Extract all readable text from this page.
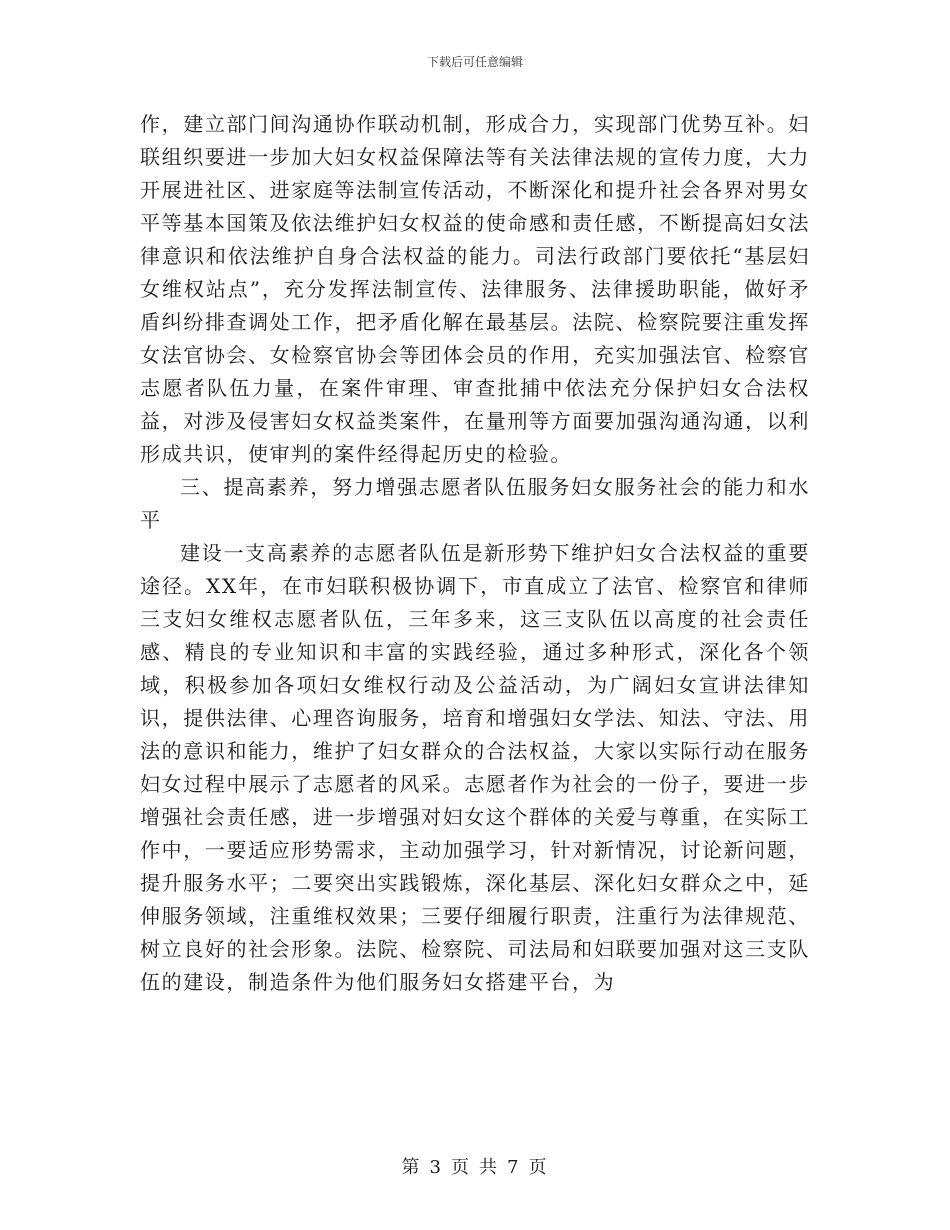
下载后可任意编辑

作，建立部门间沟通协作联动机制，形成合力，实现部门优势互补。妇联组织要进一步加大妇女权益保障法等有关法律法规的宣传力度，大力开展进社区、进家庭等法制宣传活动，不断深化和提升社会各界对男女平等基本国策及依法维护妇女权益的使命感和责任感，不断提高妇女法律意识和依法维护自身合法权益的能力。司法行政部门要依托“基层妇女维权站点”，充分发挥法制宣传、法律服务、法律援助职能，做好矛盾纠纷排查调处工作，把矛盾化解在最基层。法院、检察院要注重发挥女法官协会、女检察官协会等团体会员的作用，充实加强法官、检察官志愿者队伍力量，在案件审理、审查批捕中依法充分保护妇女合法权益，对涉及侵害妇女权益类案件，在量刑等方面要加强沟通沟通，以利形成共识，使审判的案件经得起历史的检验。

三、提高素养，努力增强志愿者队伍服务妇女服务社会的能力和水平

建设一支高素养的志愿者队伍是新形势下维护妇女合法权益的重要途径。XX年，在市妇联积极协调下，市直成立了法官、检察官和律师三支妇女维权志愿者队伍，三年多来，这三支队伍以高度的社会责任感、精良的专业知识和丰富的实践经验，通过多种形式，深化各个领域，积极参加各项妇女维权行动及公益活动，为广阔妇女宣讲法律知识，提供法律、心理咨询服务，培育和增强妇女学法、知法、守法、用法的意识和能力，维护了妇女群众的合法权益，大家以实际行动在服务妇女过程中展示了志愿者的风采。志愿者作为社会的一份子，要进一步增强社会责任感，进一步增强对妇女这个群体的关爱与尊重，在实际工作中，一要适应形势需求，主动加强学习，针对新情况，讨论新问题，提升服务水平；二要突出实践锻炼，深化基层、深化妇女群众之中，延伸服务领域，注重维权效果；三要仔细履行职责，注重行为法律规范、树立良好的社会形象。法院、检察院、司法局和妇联要加强对这三支队伍的建设，制造条件为他们服务妇女搭建平台，为

第 3 页 共 7 页
